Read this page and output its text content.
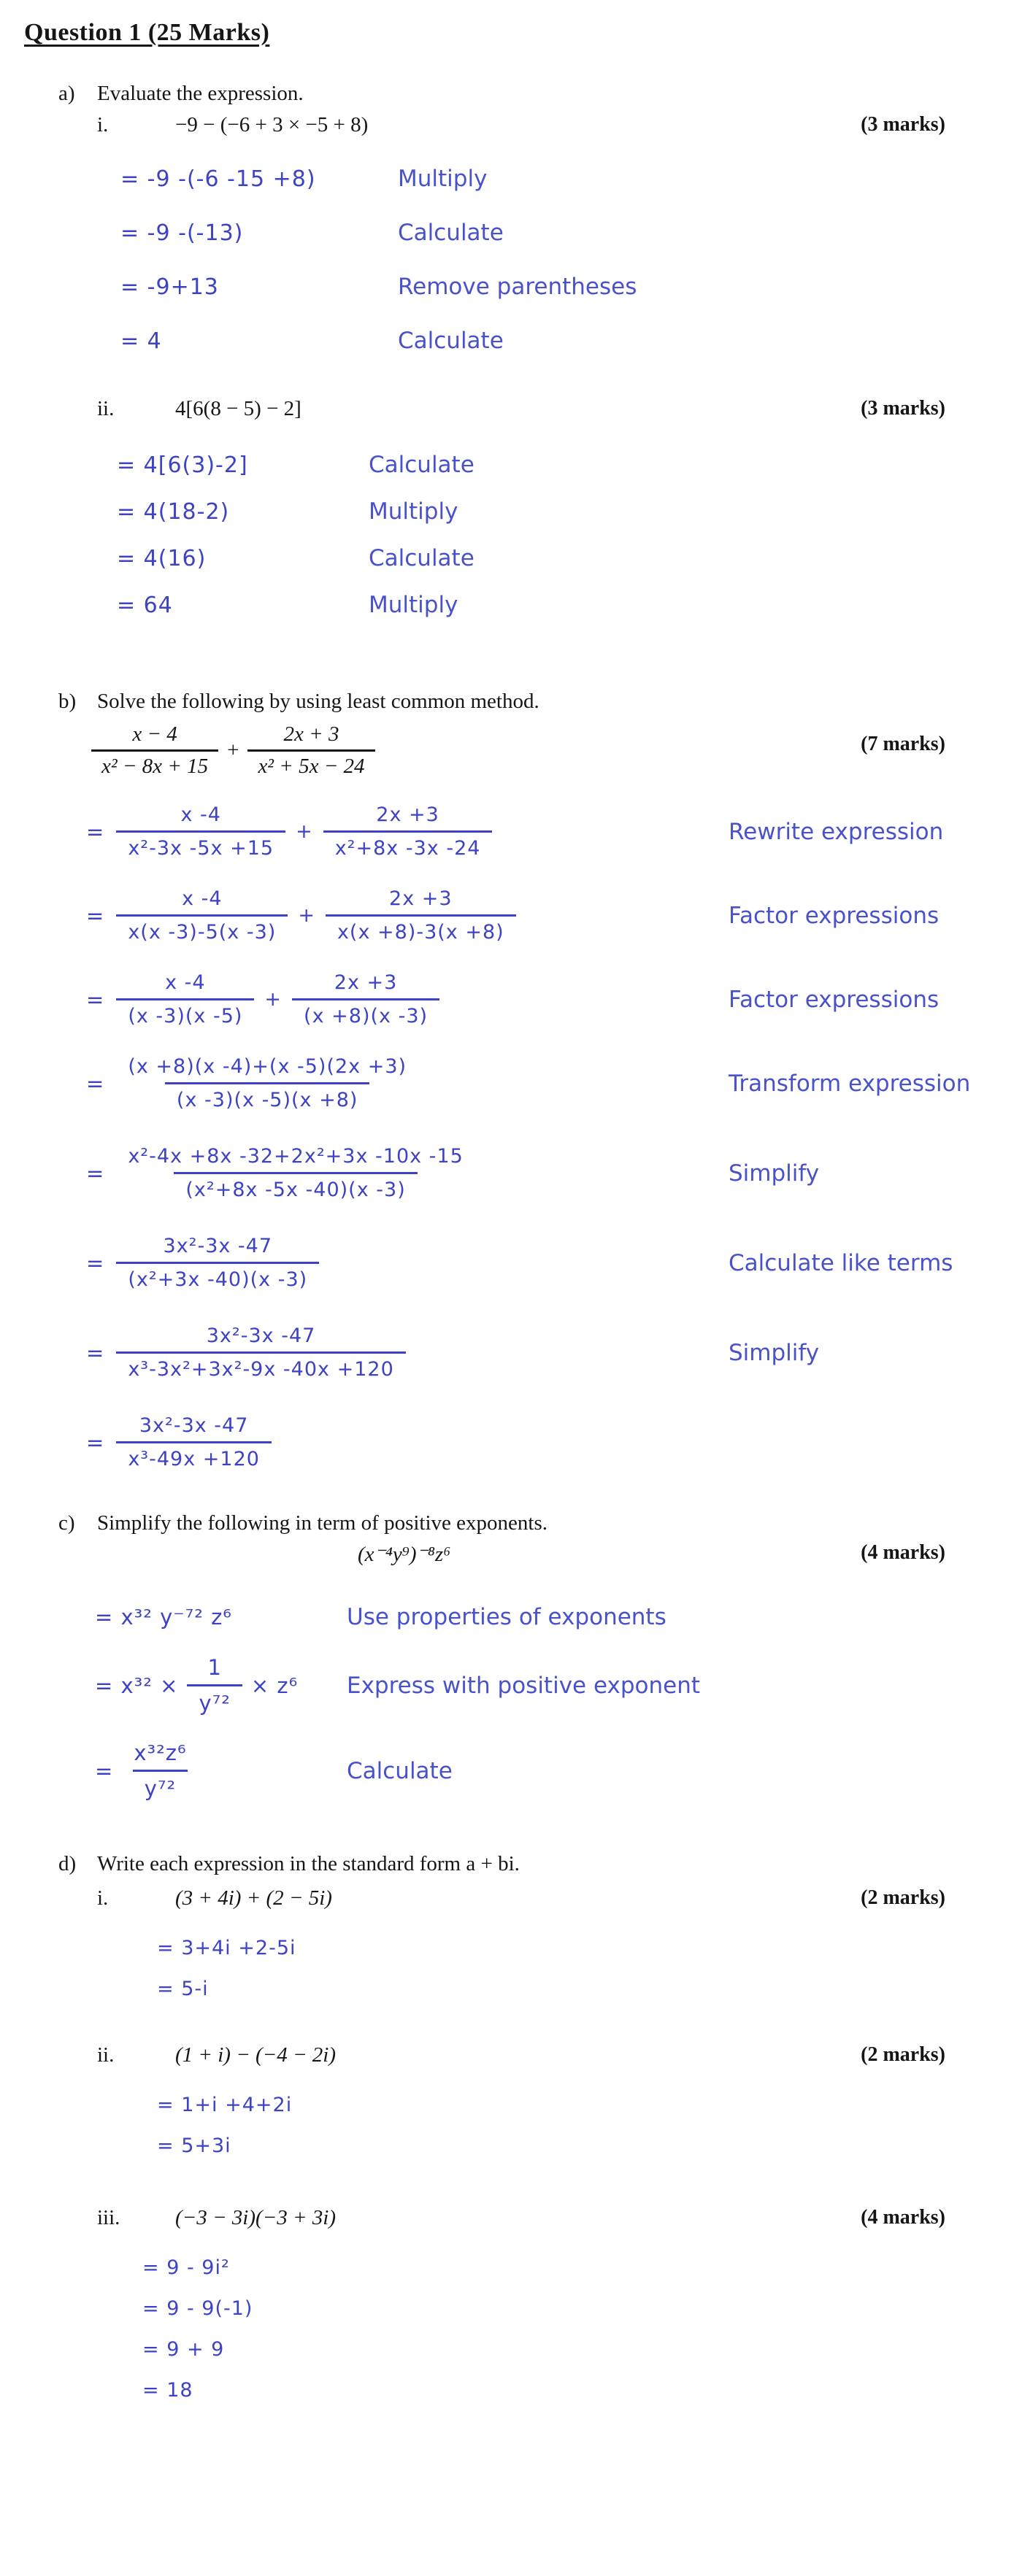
Question 1 (25 Marks)
a)	Evaluate the expression.
i.	−9 − (−6 + 3 × −5 + 8)	(3 marks)
= -9 -(-6 -15 +8)	Multiply
= -9 -(-13)	Calculate
= -9+13	Remove parentheses
= 4	Calculate
ii.	4[6(8 − 5) − 2]	(3 marks)
= 4[6(3)-2]	Calculate
= 4(18-2)	Multiply
= 4(16)	Calculate
= 64	Multiply
b) Solve the following by using least common method.
$\frac{x - 4}{\text{x² − 8x + 15}} + \frac{2x + 3}{\text{x² + 5x − 24}}$	(7 marks)
= $\frac{x -4}{\text{x²-3x -5x +15}} + \frac{2x +3}{\text{x²+8x -3x -24}}$	Rewrite expression
= $\frac{x -4}{x(x -3)-5(x -3)} + \frac{2x +3}{x(x +8)-3(x +8)}$	Factor expressions
= $\frac{x -4}{(x -3)(x -5)} + \frac{2x +3}{(x +8)(x -3)}$	Factor expressions
= $\frac{(x +8)(x -4)+(x -5)(2x +3)}{(x -3)(x -5)(x +8)}$	Transform expression
= $\frac{\text{x²-4x +8x -32+2x²+3x -10x -15}}{\text{(x²+8x -5x -40)(x -3)}}$	Simplify
= $\frac{\text{3x²-3x -47}}{\text{(x²+3x -40)(x -3)}}$	Calculate like terms
= $\frac{\text{3x²-3x -47}}{\text{x³-3x²+3x²-9x -40x +120}}$	Simplify
= $\frac{\text{3x²-3x -47}}{\text{x³-49x +120}}$
c)	Simplify the following in term of positive exponents.
(x⁻⁴y⁹)⁻⁸z⁶	(4 marks)
= x³² y⁻⁷² z⁶	Use properties of exponents
= $x^{32} \times \frac{1}{\text{y⁷²}} \times z^6$ Express with positive exponent
= $\frac{\text{x³²z⁶}}{\text{y⁷²}}$	Calculate
d) Write each expression in the standard form a + bi.
i.	(3 + 4i) + (2 − 5i)	(2 marks)
= 3+4i +2-5i
= 5-i
ii.	(1 + i) − (−4 − 2i)	(2 marks)
= 1+i +4+2i
= 5+3i
iii.	(−3 − 3i)(−3 + 3i)	(4 marks)
= 9 - 9i²
= 9 - 9(-1)
= 9 + 9
= 18
